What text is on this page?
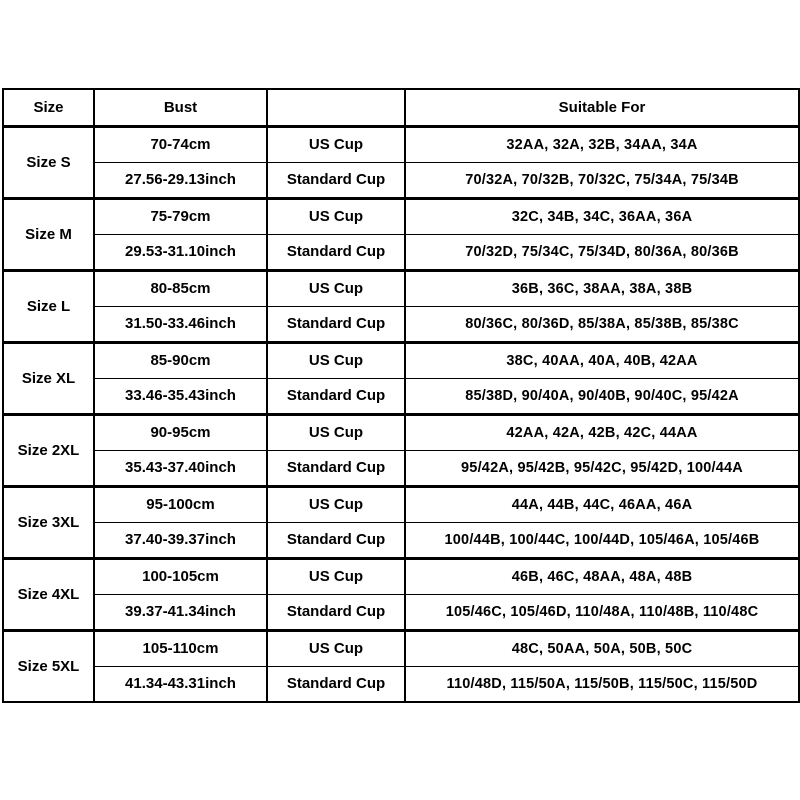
Size	Bust		Suitable For
Size S	70-74cm	US Cup	32AA, 32A, 32B, 34AA, 34A
	27.56-29.13inch	Standard Cup	70/32A, 70/32B, 70/32C, 75/34A, 75/34B
Size M	75-79cm	US Cup	32C, 34B, 34C, 36AA, 36A
	29.53-31.10inch	Standard Cup	70/32D, 75/34C, 75/34D, 80/36A, 80/36B
Size L	80-85cm	US Cup	36B, 36C, 38AA, 38A, 38B
	31.50-33.46inch	Standard Cup	80/36C, 80/36D, 85/38A, 85/38B, 85/38C
Size XL	85-90cm	US Cup	38C, 40AA, 40A, 40B, 42AA
	33.46-35.43inch	Standard Cup	85/38D, 90/40A, 90/40B, 90/40C, 95/42A
Size 2XL	90-95cm	US Cup	42AA, 42A, 42B, 42C, 44AA
	35.43-37.40inch	Standard Cup	95/42A, 95/42B, 95/42C, 95/42D, 100/44A
Size 3XL	95-100cm	US Cup	44A, 44B, 44C, 46AA, 46A
	37.40-39.37inch	Standard Cup	100/44B, 100/44C, 100/44D, 105/46A, 105/46B
Size 4XL	100-105cm	US Cup	46B, 46C, 48AA, 48A, 48B
	39.37-41.34inch	Standard Cup	105/46C, 105/46D, 110/48A, 110/48B, 110/48C
Size 5XL	105-110cm	US Cup	48C, 50AA, 50A, 50B, 50C
	41.34-43.31inch	Standard Cup	110/48D, 115/50A, 115/50B, 115/50C, 115/50D
